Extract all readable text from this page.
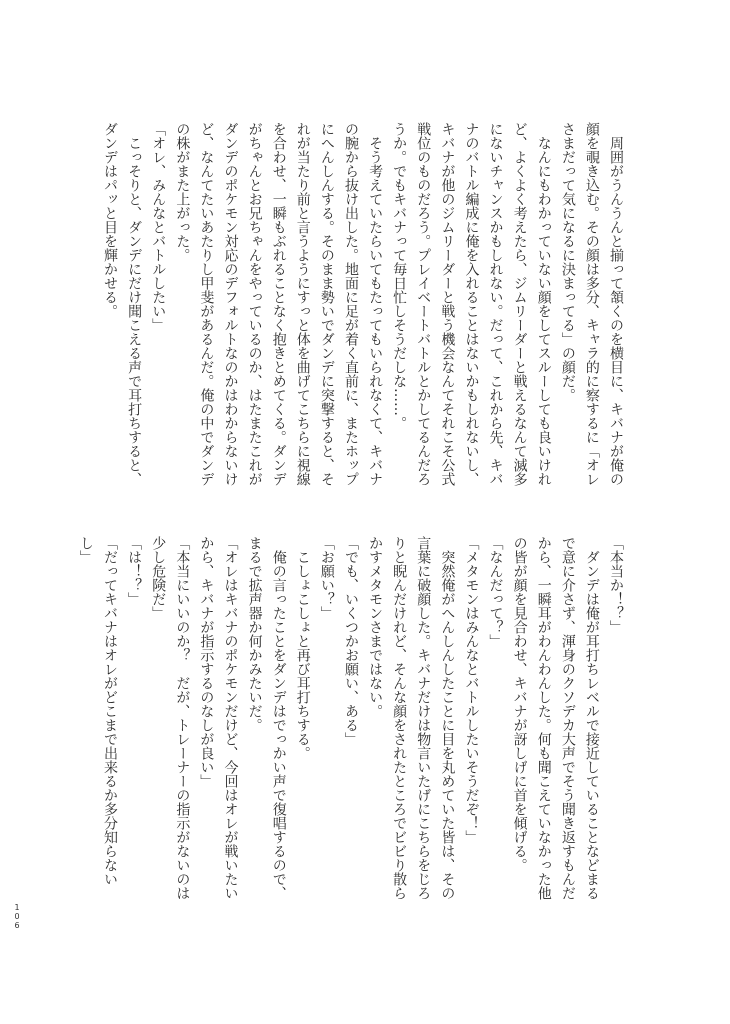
　周囲がうんうんと揃って頷くのを横目に、キバナが俺の
顔を覗き込む。その顔は多分、キャラ的に察するに「オレ
さまだって気になるに決まってる」の顔だ。
　なんにもわかっていない顔をしてスルーしても良いけれ
ど、よくよく考えたら、ジムリーダーと戦えるなんて滅多
にないチャンスかもしれない。だって、これから先、キバ
ナのバトル編成に俺を入れることはないかもしれないし、
キバナが他のジムリーダーと戦う機会なんてそれこそ公式
戦位のものだろう。プレイベートバトルとかしてるんだろ
うか。でもキバナって毎日忙しそうだしな……。
　そう考えていたらいてもたってもいられなくて、キバナ
の腕から抜け出した。地面に足が着く直前に、またホップ
にへんしんする。そのまま勢いでダンデに突撃すると、そ
れが当たり前と言うようにすっと体を曲げてこちらに視線
を合わせ、一瞬もぶれることなく抱きとめてくる。ダンデ
がちゃんとお兄ちゃんをやっているのか、はたまたこれが
ダンデのポケモン対応のデフォルトなのかはわからないけ
ど、なんてたいあたりし甲斐があるんだ。俺の中でダンデ
の株がまた上がった。
「オレ、みんなとバトルしたい」
　こっそりと、ダンデにだけ聞こえる声で耳打ちすると、
ダンデはパッと目を輝かせる。
「本当か！？」
　ダンデは俺が耳打ちレベルで接近していることなどまる
で意に介さず、渾身のクソデカ大声でそう聞き返すもんだ
から、一瞬耳がわんわんした。何も聞こえていなかった他
の皆が顔を見合わせ、キバナが訝しげに首を傾げる。
「なんだって？」
「メタモンはみんなとバトルしたいそうだぞ！」
　突然俺がへんしんしたことに目を丸めていた皆は、その
言葉に破顔した。キバナだけは物言いたげにこちらをじろ
りと睨んだけれど、そんな顔をされたところでビビり散ら
かすメタモンさまではない。
「でも、いくつかお願い、ある」
「お願い？」
　こしょこしょと再び耳打ちする。
　俺の言ったことをダンデはでっかい声で復唱するので、
まるで拡声器か何かみたいだ。
「オレはキバナのポケモンだけど、今回はオレが戦いたい
から、キバナが指示するのなしが良い」
「本当にいいのか？　だが、トレーナーの指示がないのは
少し危険だ」
「は！？」
「だってキバナはオレがどこまで出来るか多分知らない
し」
106
